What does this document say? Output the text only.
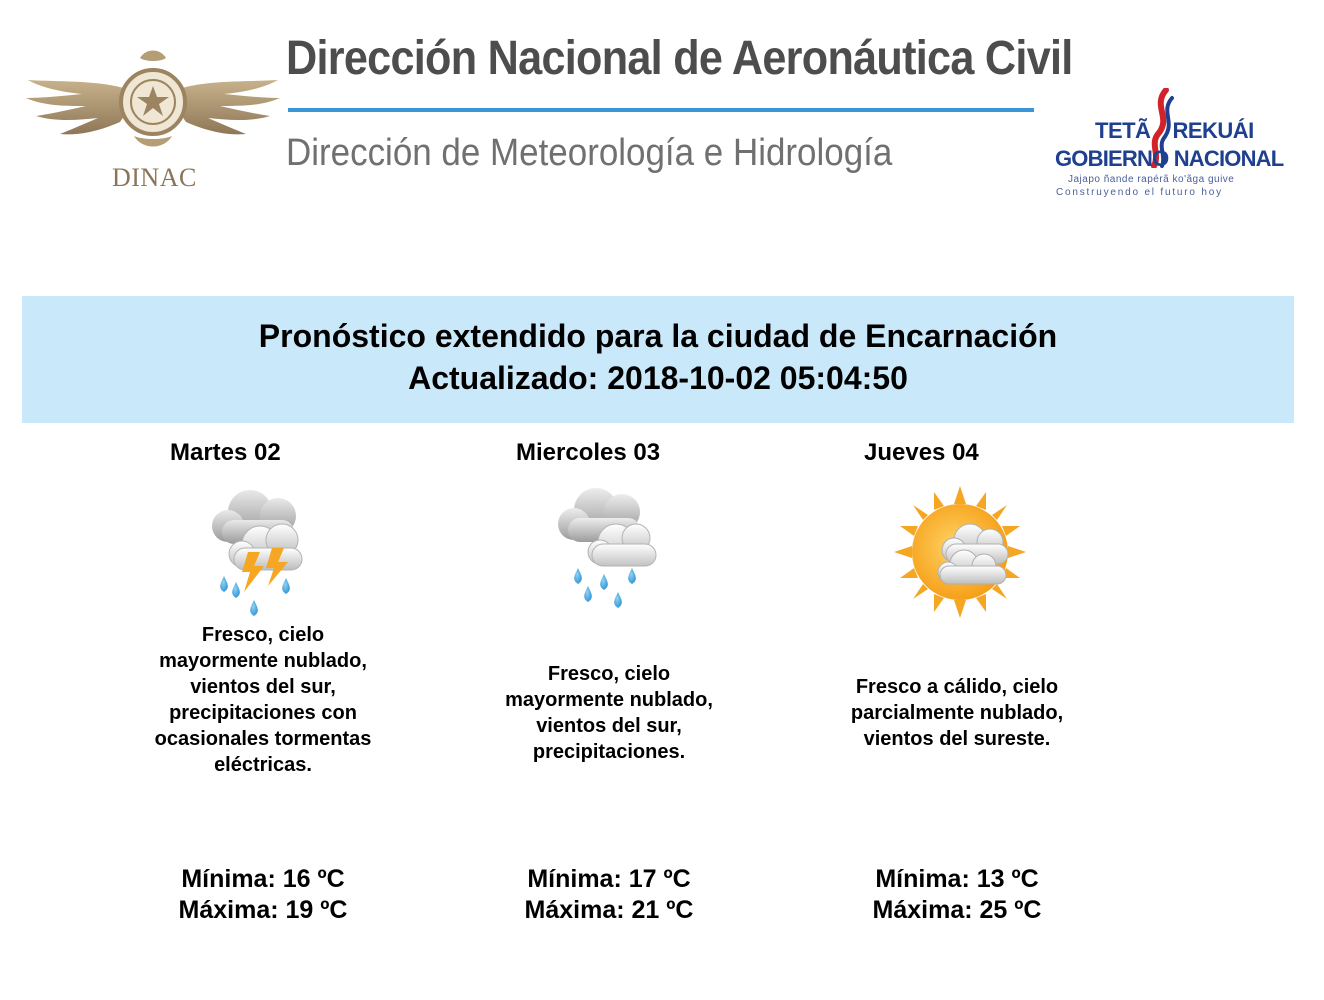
DINAC
Dirección Nacional de Aeronáutica Civil
Dirección de Meteorología e Hidrología
TETÃ REKUÁI
GOBIERNO NACIONAL
Jajapo ñande rapérã ko'ãga guive
Construyendo el futuro hoy
Pronóstico extendido para la ciudad de Encarnación
Actualizado: 2018-10-02 05:04:50
Martes 02
Fresco, cielo mayormente nublado, vientos del sur, precipitaciones con ocasionales tormentas eléctricas.
Mínima: 16 ºC
Máxima: 19 ºC
Miercoles 03
Fresco, cielo mayormente nublado, vientos del sur, precipitaciones.
Mínima: 17 ºC
Máxima: 21 ºC
Jueves 04
Fresco a cálido, cielo parcialmente nublado, vientos del sureste.
Mínima: 13 ºC
Máxima: 25 ºC
